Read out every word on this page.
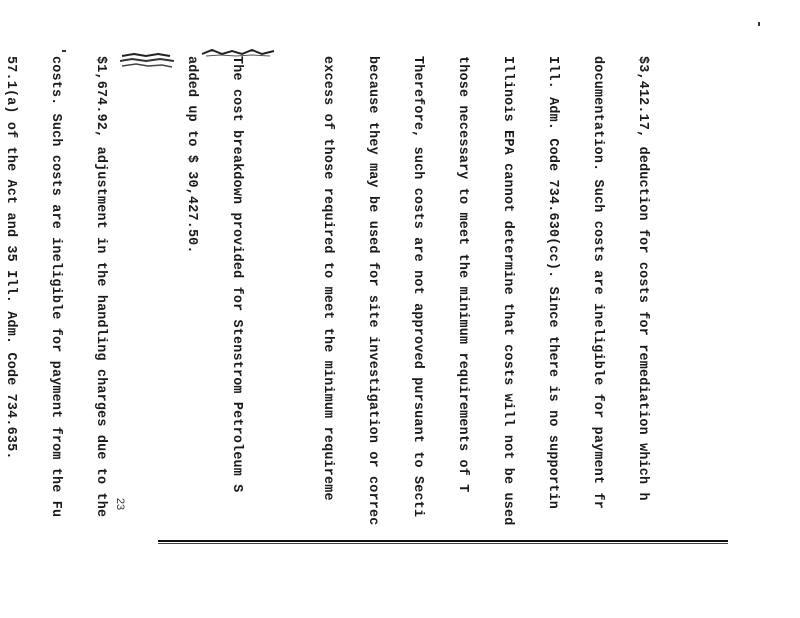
$3,412.17, deduction for costs for remediation which h

documentation. Such costs are ineligible for payment fr

Ill. Adm. Code 734.630(cc). Since there is no supportin

Illinois EPA cannot determine that costs will not be used

those necessary to meet the minimum requirements of T

Therefore, such costs are not approved pursuant to Secti

because they may be used for site investigation or correc

excess of those required to meet the minimum requireme

The cost breakdown provided for Stenstrom Petroleum S

added up to $ 30,427.50.

$1,674.92, adjustment in the handling charges due to the

costs. Such costs are ineligible for payment from the Fu

57.1(a) of the Act and 35 Ill. Adm. Code 734.635.

23
